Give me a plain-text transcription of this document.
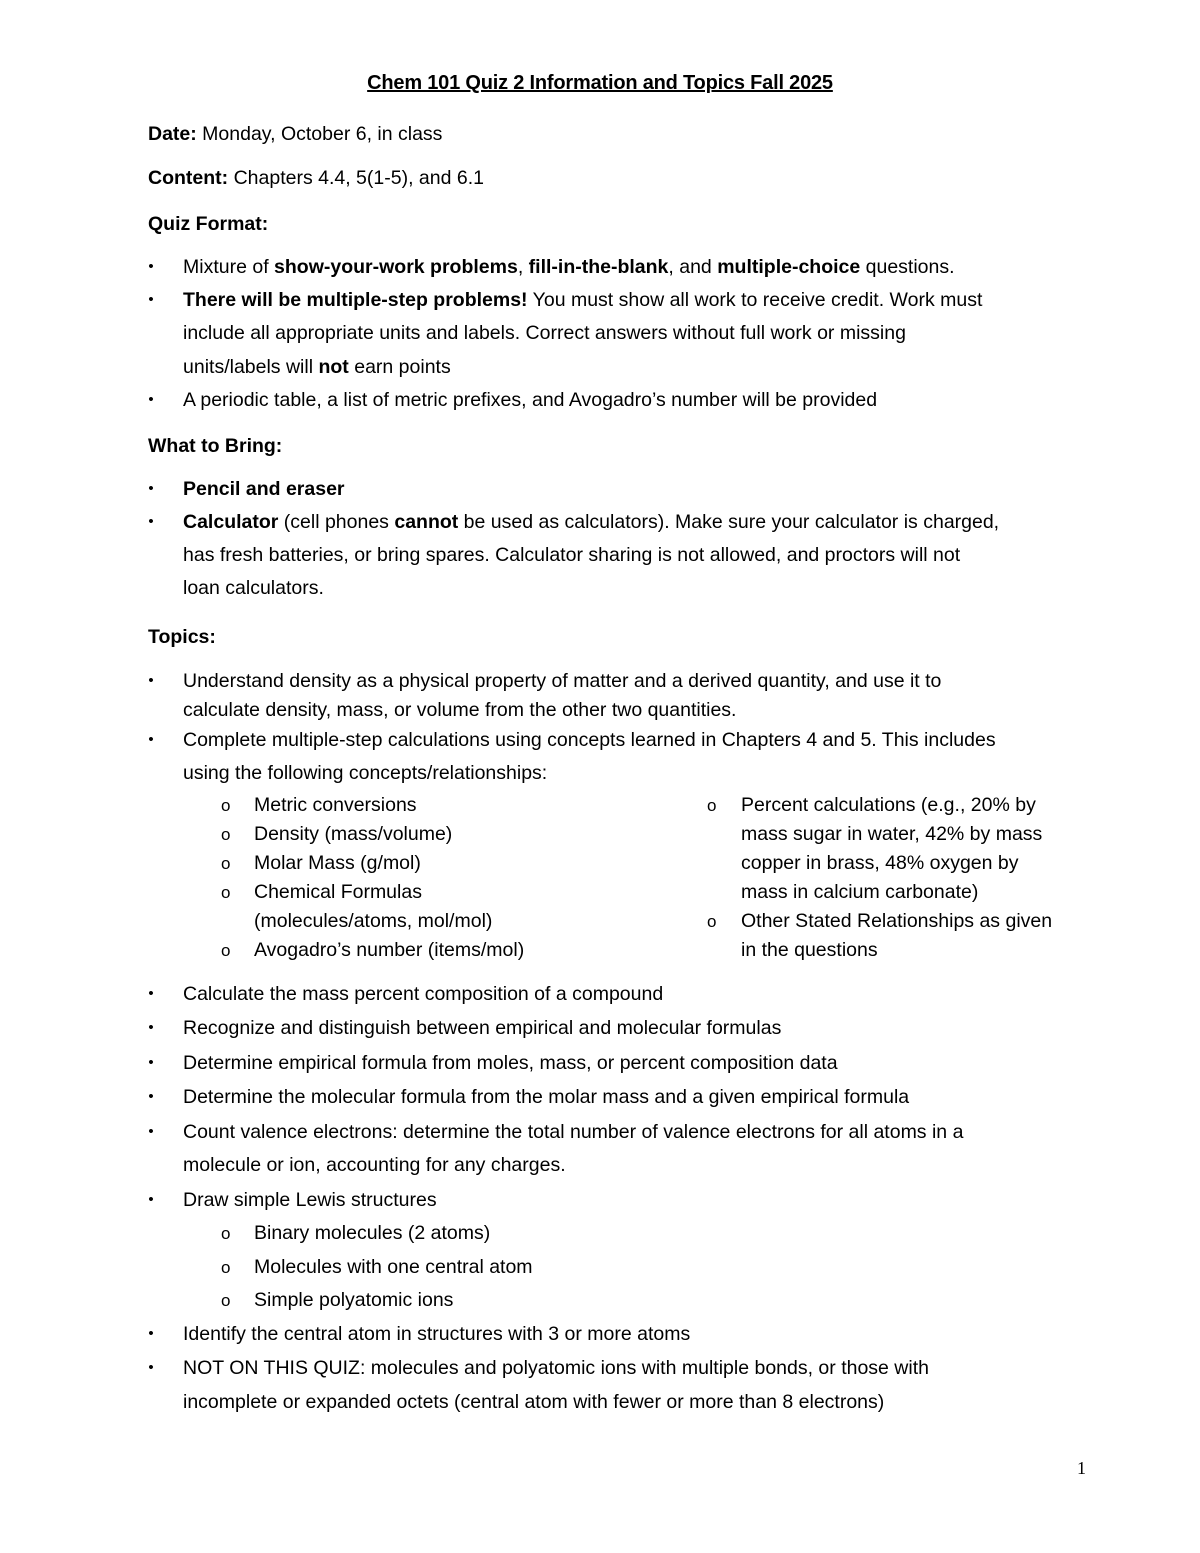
Chem 101 Quiz 2 Information and Topics Fall 2025
Date: Monday, October 6, in class
Content: Chapters 4.4, 5(1-5), and 6.1
Quiz Format:
•
Mixture of show-your-work problems, fill-in-the-blank, and multiple-choice questions.
•
There will be multiple-step problems! You must show all work to receive credit. Work must
include all appropriate units and labels. Correct answers without full work or missing
units/labels will not earn points
•
A periodic table, a list of metric prefixes, and Avogadro’s number will be provided
What to Bring:
•
Pencil and eraser
•
Calculator (cell phones cannot be used as calculators). Make sure your calculator is charged,
has fresh batteries, or bring spares. Calculator sharing is not allowed, and proctors will not
loan calculators.
Topics:
•
Understand density as a physical property of matter and a derived quantity, and use it to
calculate density, mass, or volume from the other two quantities.
•
Complete multiple-step calculations using concepts learned in Chapters 4 and 5. This includes
using the following concepts/relationships:
o
Metric conversions
o
Density (mass/volume)
o
Molar Mass (g/mol)
o
Chemical Formulas
(molecules/atoms, mol/mol)
o
Avogadro’s number (items/mol)
o
Percent calculations (e.g., 20% by
mass sugar in water, 42% by mass
copper in brass, 48% oxygen by
mass in calcium carbonate)
o
Other Stated Relationships as given
in the questions
•
Calculate the mass percent composition of a compound
•
Recognize and distinguish between empirical and molecular formulas
•
Determine empirical formula from moles, mass, or percent composition data
•
Determine the molecular formula from the molar mass and a given empirical formula
•
Count valence electrons: determine the total number of valence electrons for all atoms in a
molecule or ion, accounting for any charges.
•
Draw simple Lewis structures
o
Binary molecules (2 atoms)
o
Molecules with one central atom
o
Simple polyatomic ions
•
Identify the central atom in structures with 3 or more atoms
•
NOT ON THIS QUIZ: molecules and polyatomic ions with multiple bonds, or those with
incomplete or expanded octets (central atom with fewer or more than 8 electrons)
1
